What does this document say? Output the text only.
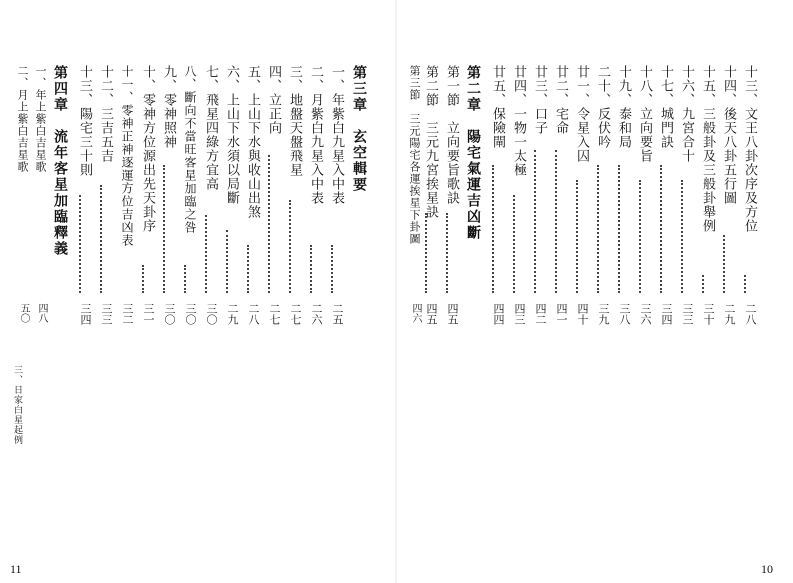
十三、文王八卦次序及方位
二八
十四、後天八卦五行圖
二九
十五、三般卦及三般卦舉例
三十
十六、九宮合十
三三
十七、城門訣
三四
十八、立向要旨
三六
十九、泰和局
三八
二十、反伏吟
三九
廿一、令星入囚
四十
廿二、宅命
四一
廿三、口子
四二
廿四、一物一太極
四三
廿五、保險閘
四四
第二章　陽宅氣運吉凶斷
第一節　立向要旨歌訣
四五
第二節　三元九宮挨星訣
四五
第三節　三元陽宅各運挨星下卦圖
四六
10
第三章　玄空輯要
一、年紫白九星入中表
二五
二、月紫白九星入中表
二六
三、地盤天盤飛星
二七
四、立正向
二七
五、上山下水與收山出煞
二八
六、上山下水須以局斷
二九
七、飛星四綠方宜高
三〇
八、斷向不當旺客星加臨之咎
三〇
九、零神照神
三〇
十、零神方位源出先天卦序
三一
十一、零神正神逐運方位吉凶表
三二
十二、三吉五吉
三三
十三、陽宅三十則
三四
第四章　流年客星加臨釋義
一、年上紫白吉星歌
四八
二、月上紫白吉星歌
五〇
三、日家白星起例
11
